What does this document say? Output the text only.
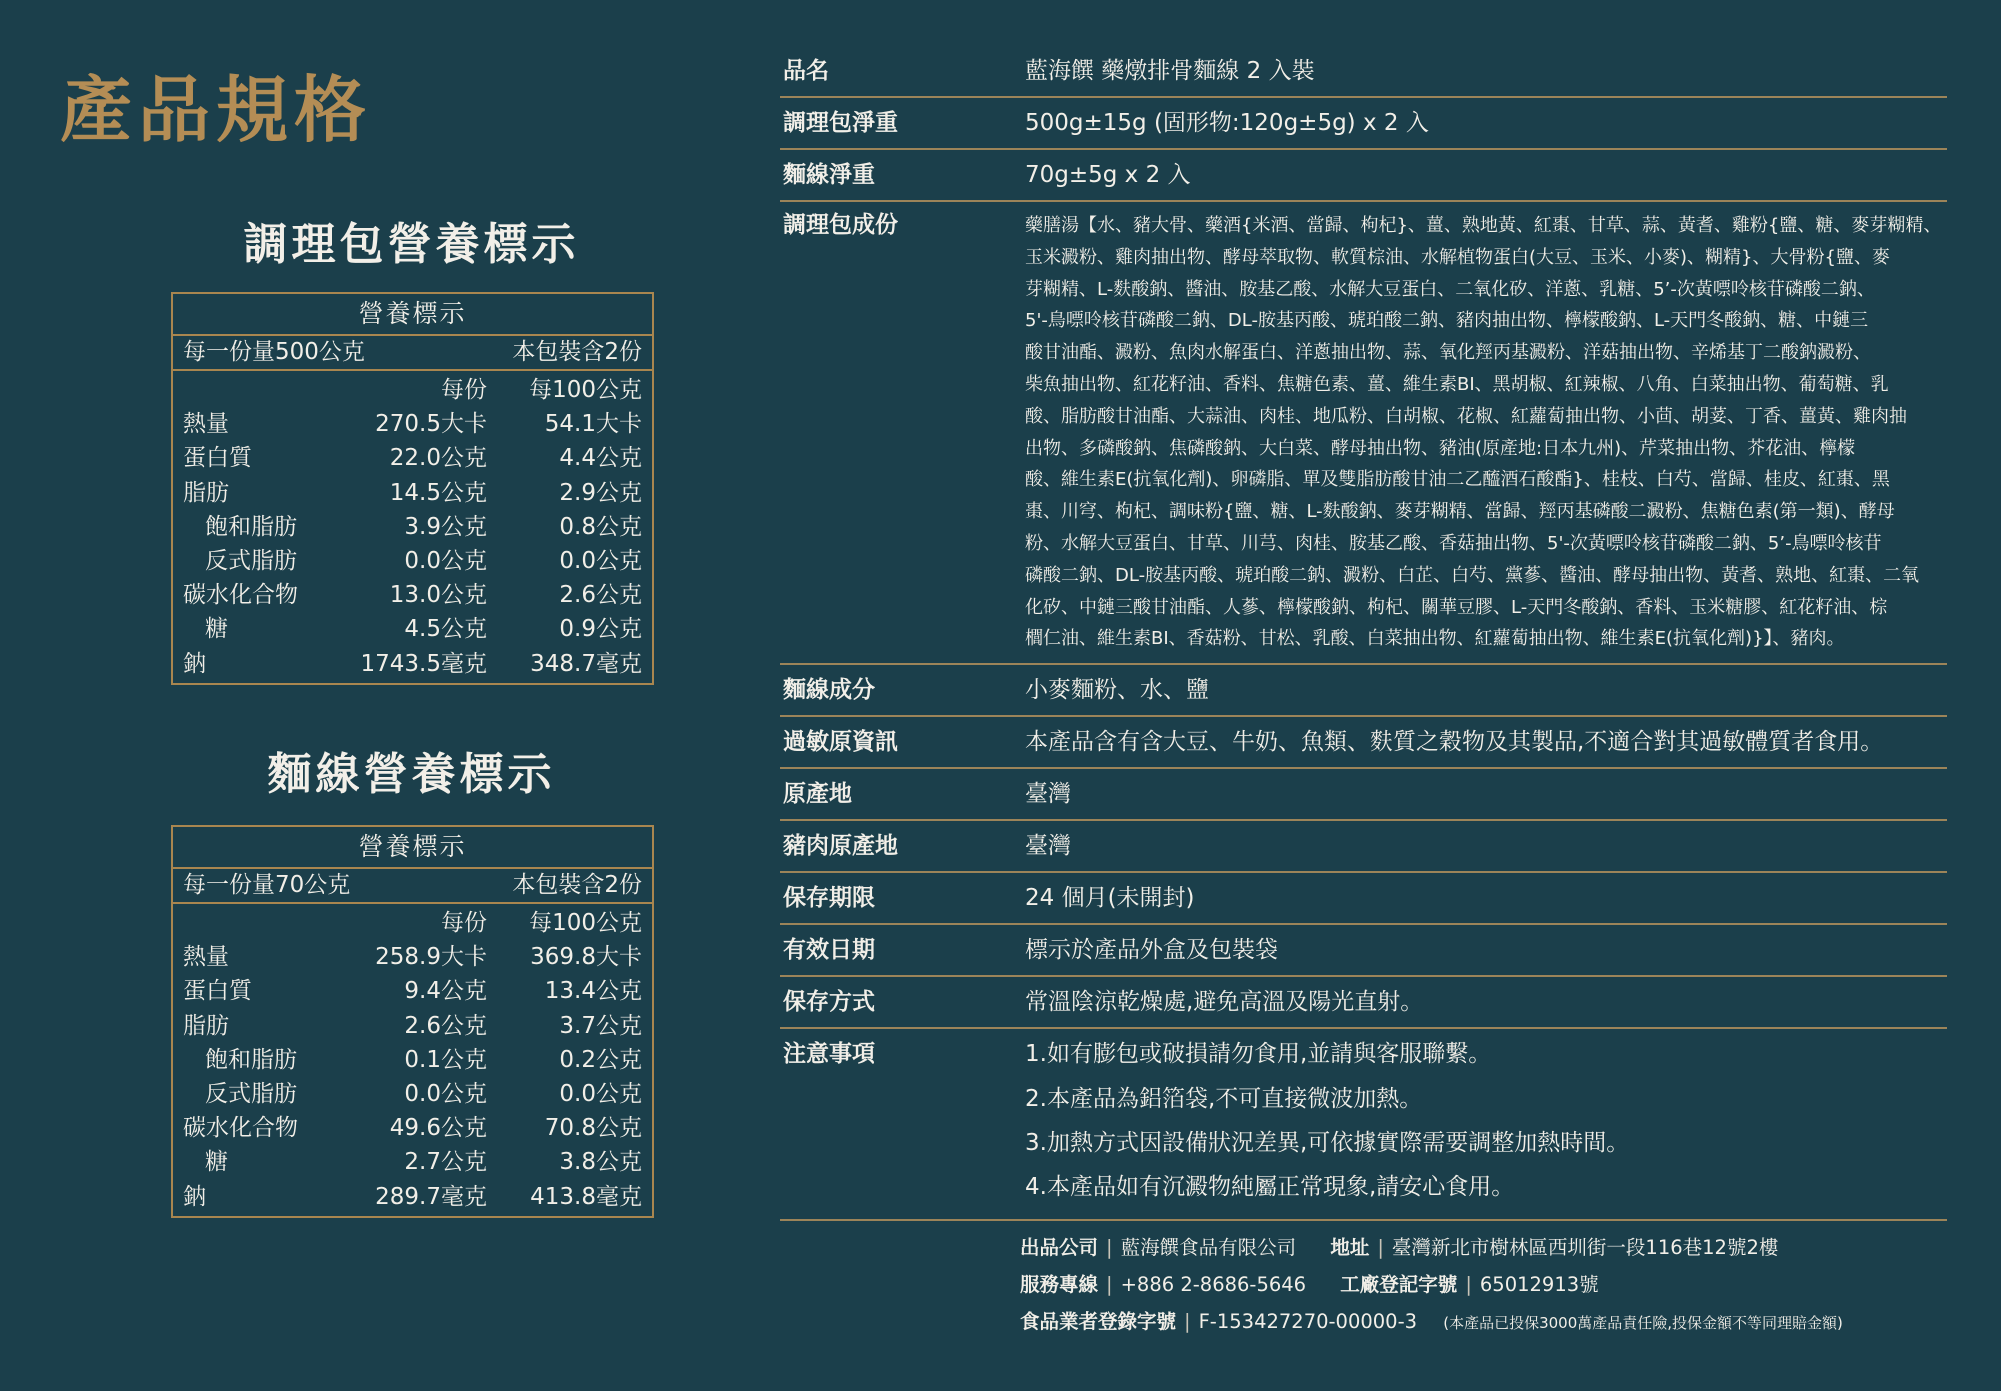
產品規格
調理包營養標示
營養標示
每一份量500公克	本包裝含2份
每份	每100公克
熱量	270.5大卡	54.1大卡
蛋白質	22.0公克	4.4公克
脂肪	14.5公克	2.9公克
飽和脂肪	3.9公克	0.8公克
反式脂肪	0.0公克	0.0公克
碳水化合物	13.0公克	2.6公克
糖	4.5公克	0.9公克
鈉	1743.5毫克	348.7毫克
麵線營養標示
營養標示
每一份量70公克	本包裝含2份
每份	每100公克
熱量	258.9大卡	369.8大卡
蛋白質	9.4公克	13.4公克
脂肪	2.6公克	3.7公克
飽和脂肪	0.1公克	0.2公克
反式脂肪	0.0公克	0.0公克
碳水化合物	49.6公克	70.8公克
糖	2.7公克	3.8公克
鈉	289.7毫克	413.8毫克
品名	藍海饌 藥燉排骨麵線 2 入裝
調理包淨重	500g±15g (固形物:120g±5g) x 2 入
麵線淨重	70g±5g x 2 入
調理包成份	藥膳湯【水、豬大骨、藥酒{米酒、當歸、枸杞}、薑、熟地黃、紅棗、甘草、蒜、黃耆、雞粉{鹽、糖、麥芽糊精、
玉米澱粉、雞肉抽出物、酵母萃取物、軟質棕油、水解植物蛋白(大豆、玉米、小麥)、糊精}、大骨粉{鹽、麥
芽糊精、L-麩酸鈉、醬油、胺基乙酸、水解大豆蛋白、二氧化矽、洋蔥、乳糖、5’-次黃嘌呤核苷磷酸二鈉、
5'-鳥嘌呤核苷磷酸二鈉、DL-胺基丙酸、琥珀酸二鈉、豬肉抽出物、檸檬酸鈉、L-天門冬酸鈉、糖、中鏈三
酸甘油酯、澱粉、魚肉水解蛋白、洋蔥抽出物、蒜、氧化羥丙基澱粉、洋菇抽出物、辛烯基丁二酸鈉澱粉、
柴魚抽出物、紅花籽油、香料、焦糖色素、薑、維生素BI、黑胡椒、紅辣椒、八角、白菜抽出物、葡萄糖、乳
酸、脂肪酸甘油酯、大蒜油、肉桂、地瓜粉、白胡椒、花椒、紅蘿蔔抽出物、小茴、胡荽、丁香、薑黃、雞肉抽
出物、多磷酸鈉、焦磷酸鈉、大白菜、酵母抽出物、豬油(原產地:日本九州)、芹菜抽出物、芥花油、檸檬
酸、維生素E(抗氧化劑)、卵磷脂、單及雙脂肪酸甘油二乙醯酒石酸酯}、桂枝、白芍、當歸、桂皮、紅棗、黑
棗、川穹、枸杞、調味粉{鹽、糖、L-麩酸鈉、麥芽糊精、當歸、羥丙基磷酸二澱粉、焦糖色素(第一類)、酵母
粉、水解大豆蛋白、甘草、川芎、肉桂、胺基乙酸、香菇抽出物、5'-次黃嘌呤核苷磷酸二鈉、5’-鳥嘌呤核苷
磷酸二鈉、DL-胺基丙酸、琥珀酸二鈉、澱粉、白芷、白芍、黨蔘、醬油、酵母抽出物、黃耆、熟地、紅棗、二氧
化矽、中鏈三酸甘油酯、人蔘、檸檬酸鈉、枸杞、關華豆膠、L-天門冬酸鈉、香料、玉米糖膠、紅花籽油、棕
櫚仁油、維生素BI、香菇粉、甘松、乳酸、白菜抽出物、紅蘿蔔抽出物、維生素E(抗氧化劑)}】、豬肉。
麵線成分	小麥麵粉、水、鹽
過敏原資訊	本產品含有含大豆、牛奶、魚類、麩質之穀物及其製品,不適合對其過敏體質者食用。
原產地	臺灣
豬肉原產地	臺灣
保存期限	24 個月(未開封)
有效日期	標示於產品外盒及包裝袋
保存方式	常溫陰涼乾燥處,避免高溫及陽光直射。
注意事項	1.如有膨包或破損請勿食用,並請與客服聯繫。
2.本產品為鋁箔袋,不可直接微波加熱。
3.加熱方式因設備狀況差異,可依據實際需要調整加熱時間。
4.本產品如有沉澱物純屬正常現象,請安心食用。
出品公司 | 藍海饌食品有限公司 地址 | 臺灣新北市樹林區西圳街一段116巷12號2樓
服務專線 | +886 2-8686-5646 工廠登記字號 | 65012913號
食品業者登錄字號 | F-153427270-00000-3 (本產品已投保3000萬產品責任險,投保金額不等同理賠金額)
